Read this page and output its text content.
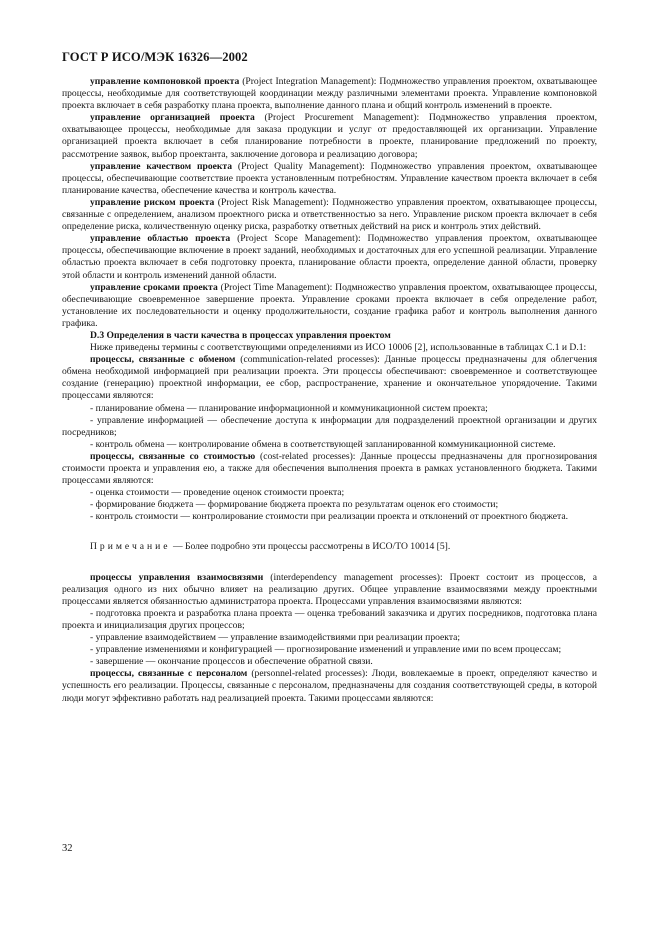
ГОСТ Р ИСО/МЭК 16326—2002
управление компоновкой проекта (Project Integration Management): Подмножество управления проектом, охватывающее процессы, необходимые для соответствующей координации между различными элементами проекта. Управление компоновкой проекта включает в себя разработку плана проекта, выполнение данного плана и общий контроль изменений в проекте.
управление организацией проекта (Project Procurement Management): Подмножество управления проектом, охватывающее процессы, необходимые для заказа продукции и услуг от предоставляющей их организации. Управление организацией проекта включает в себя планирование потребности в проекте, планирование предложений по проекту, рассмотрение заявок, выбор проектанта, заключение договора и реализацию договора;
управление качеством проекта (Project Quality Management): Подмножество управления проектом, охватывающее процессы, обеспечивающие соответствие проекта установленным потребностям. Управление качеством проекта включает в себя планирование качества, обеспечение качества и контроль качества.
управление риском проекта (Project Risk Management): Подмножество управления проектом, охватывающее процессы, связанные с определением, анализом проектного риска и ответственностью за него. Управление риском проекта включает в себя определение риска, количественную оценку риска, разработку ответных действий на риск и контроль этих действий.
управление областью проекта (Project Scope Management): Подмножество управления проектом, охватывающее процессы, обеспечивающие включение в проект заданий, необходимых и достаточных для его успешной реализации. Управление областью проекта включает в себя подготовку проекта, планирование области проекта, определение данной области, проверку этой области и контроль изменений данной области.
управление сроками проекта (Project Time Management): Подмножество управления проектом, охватывающее процессы, обеспечивающие своевременное завершение проекта. Управление сроками проекта включает в себя определение работ, установление их последовательности и оценку продолжительности, создание графика работ и контроль выполнения данного графика.
D.3 Определения в части качества в процессах управления проектом
Ниже приведены термины с соответствующими определениями из ИСО 10006 [2], использованные в таблицах С.1 и D.1:
процессы, связанные с обменом (communication-related processes): Данные процессы предназначены для облегчения обмена необходимой информацией при реализации проекта. Эти процессы обеспечивают: своевременное и соответствующее создание (генерацию) проектной информации, ее сбор, распространение, хранение и окончательное упорядочение. Такими процессами являются:
- планирование обмена — планирование информационной и коммуникационной систем проекта;
- управление информацией — обеспечение доступа к информации для подразделений проектной организации и других посредников;
- контроль обмена — контролирование обмена в соответствующей запланированной коммуникационной системе.
процессы, связанные со стоимостью (cost-related processes): Данные процессы предназначены для прогнозирования стоимости проекта и управления ею, а также для обеспечения выполнения проекта в рамках установленного бюджета. Такими процессами являются:
- оценка стоимости — проведение оценок стоимости проекта;
- формирование бюджета — формирование бюджета проекта по результатам оценок его стоимости;
- контроль стоимости — контролирование стоимости при реализации проекта и отклонений от проектного бюджета.
Примечание — Более подробно эти процессы рассмотрены в ИСО/ТО 10014 [5].
процессы управления взаимосвязями (interdependency management processes): Проект состоит из процессов, а реализация одного из них обычно влияет на реализацию других. Общее управление взаимосвязями между проектными процессами является обязанностью администратора проекта. Процессами управления взаимосвязями являются:
- подготовка проекта и разработка плана проекта — оценка требований заказчика и других посредников, подготовка плана проекта и инициализация других процессов;
- управление взаимодействием — управление взаимодействиями при реализации проекта;
- управление изменениями и конфигурацией — прогнозирование изменений и управление ими по всем процессам;
- завершение — окончание процессов и обеспечение обратной связи.
процессы, связанные с персоналом (personnel-related processes): Люди, вовлекаемые в проект, определяют качество и успешность его реализации. Процессы, связанные с персоналом, предназначены для создания соответствующей среды, в которой люди могут эффективно работать над реализацией проекта. Такими процессами являются:
32
